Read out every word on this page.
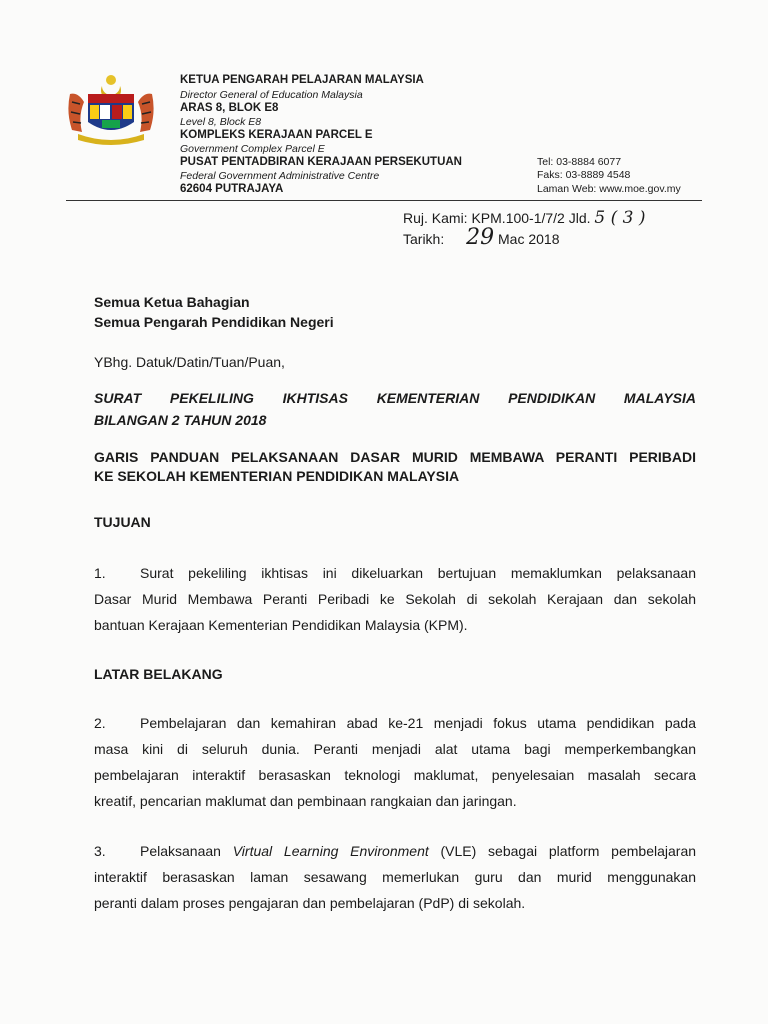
KETUA PENGARAH PELAJARAN MALAYSIA
Director General of Education Malaysia
ARAS 8, BLOK E8
Level 8, Block E8
KOMPLEKS KERAJAAN PARCEL E
Government Complex Parcel E
PUSAT PENTADBIRAN KERAJAAN PERSEKUTUAN
Federal Government Administrative Centre
62604 PUTRAJAYA
Tel: 03-8884 6077
Faks: 03-8889 4548
Laman Web: www.moe.gov.my
Ruj. Kami: KPM.100-1/7/2 Jld. 5 ( 3 )
Tarikh: 29 Mac 2018
Semua Ketua Bahagian
Semua Pengarah Pendidikan Negeri
YBhg. Datuk/Datin/Tuan/Puan,
SURAT PEKELILING IKHTISAS KEMENTERIAN PENDIDIKAN MALAYSIA
BILANGAN 2 TAHUN 2018
GARIS PANDUAN PELAKSANAAN DASAR MURID MEMBAWA PERANTI PERIBADI
KE SEKOLAH KEMENTERIAN PENDIDIKAN MALAYSIA
TUJUAN
1. Surat pekeliling ikhtisas ini dikeluarkan bertujuan memaklumkan pelaksanaan
Dasar Murid Membawa Peranti Peribadi ke Sekolah di sekolah Kerajaan dan sekolah
bantuan Kerajaan Kementerian Pendidikan Malaysia (KPM).
LATAR BELAKANG
2. Pembelajaran dan kemahiran abad ke-21 menjadi fokus utama pendidikan pada
masa kini di seluruh dunia. Peranti menjadi alat utama bagi memperkembangkan
pembelajaran interaktif berasaskan teknologi maklumat, penyelesaian masalah secara
kreatif, pencarian maklumat dan pembinaan rangkaian dan jaringan.
3. Pelaksanaan Virtual Learning Environment (VLE) sebagai platform pembelajaran
interaktif berasaskan laman sesawang memerlukan guru dan murid menggunakan
peranti dalam proses pengajaran dan pembelajaran (PdP) di sekolah.
